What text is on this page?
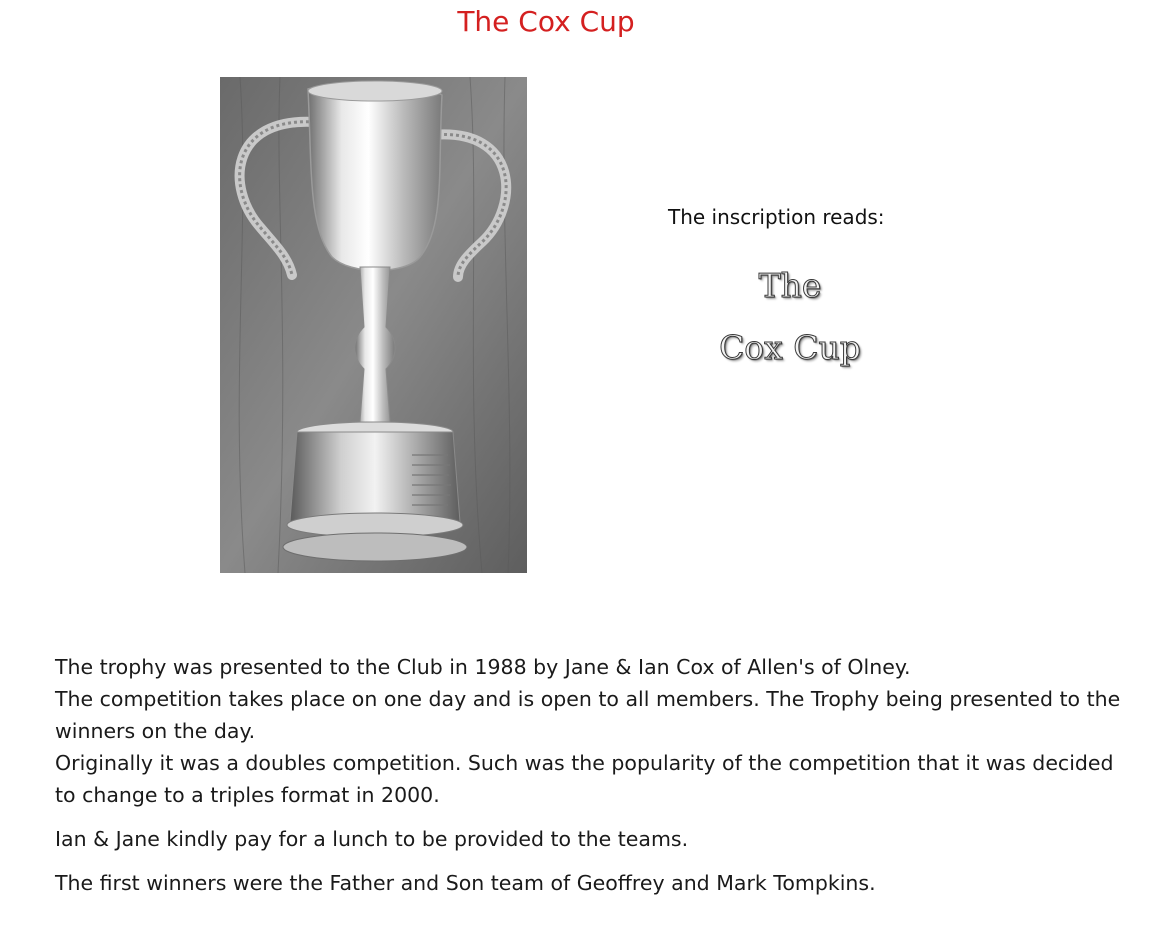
The Cox Cup
The inscription reads:
The
Cox Cup

The trophy was presented to the Club in 1988 by Jane & Ian Cox of Allen's of Olney.

The competition takes place on one day and is open to all members. The Trophy being presented to the winners on the day.

Originally it was a doubles competition. Such was the popularity of the competition that it was decided to change to a triples format in 2000.

Ian & Jane kindly pay for a lunch to be provided to the teams.

The first winners were the Father and Son team of Geoffrey and Mark Tompkins.
